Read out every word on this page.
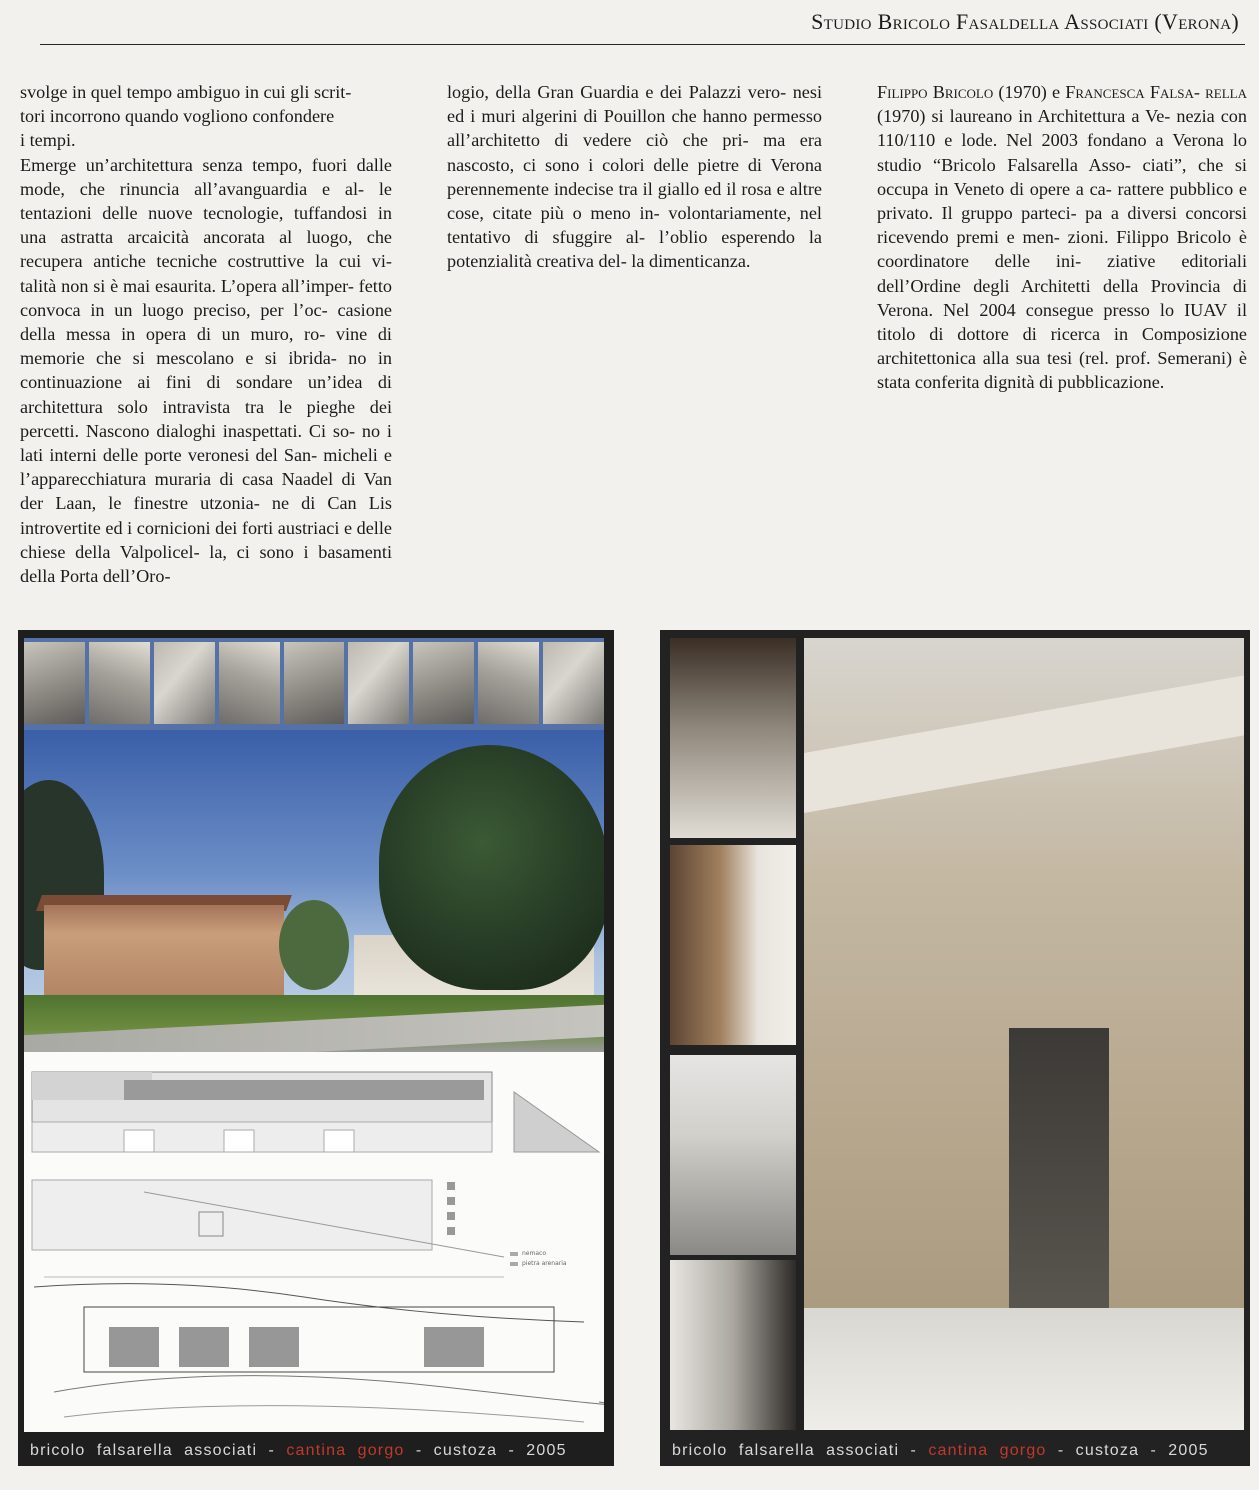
Studio Bricolo Fasaldella Associati (Verona)

svolge in quel tempo ambiguo in cui gli scrit-
tori incorrono quando vogliono confondere
i tempi.

Emerge un’architettura senza tempo, fuori dalle mode, che rinuncia all’avanguardia e al- le tentazioni delle nuove tecnologie, tuffandosi in una astratta arcaicità ancorata al luogo, che recupera antiche tecniche costruttive la cui vi- talità non si è mai esaurita. L’opera all’imper- fetto convoca in un luogo preciso, per l’oc- casione della messa in opera di un muro, ro- vine di memorie che si mescolano e si ibrida- no in continuazione ai fini di sondare un’idea di architettura solo intravista tra le pieghe dei percetti. Nascono dialoghi inaspettati. Ci so- no i lati interni delle porte veronesi del San- micheli e l’apparecchiatura muraria di casa Naadel di Van der Laan, le finestre utzonia- ne di Can Lis introvertite ed i cornicioni dei forti austriaci e delle chiese della Valpolicel- la, ci sono i basamenti della Porta dell’Oro-

logio, della Gran Guardia e dei Palazzi vero- nesi ed i muri algerini di Pouillon che hanno permesso all’architetto di vedere ciò che pri- ma era nascosto, ci sono i colori delle pietre di Verona perennemente indecise tra il giallo ed il rosa e altre cose, citate più o meno in- volontariamente, nel tentativo di sfuggire al- l’oblio esperendo la potenzialità creativa del- la dimenticanza.

Filippo Bricolo (1970) e Francesca Falsa- rella (1970) si laureano in Architettura a Ve- nezia con 110/110 e lode. Nel 2003 fondano a Verona lo studio “Bricolo Falsarella Asso- ciati”, che si occupa in Veneto di opere a ca- rattere pubblico e privato. Il gruppo parteci- pa a diversi concorsi ricevendo premi e men- zioni. Filippo Bricolo è coordinatore delle ini- ziative editoriali dell’Ordine degli Architetti della Provincia di Verona. Nel 2004 consegue presso lo IUAV il titolo di dottore di ricerca in Composizione architettonica alla sua tesi (rel. prof. Semerani) è stata conferita dignità di pubblicazione.

nemaco
pietra arenaria
bricolo  falsarella  associati  - cantina  gorgo -  custoza  -  2005	bricolo  falsarella  associati  - cantina  gorgo -  custoza  -  2005
